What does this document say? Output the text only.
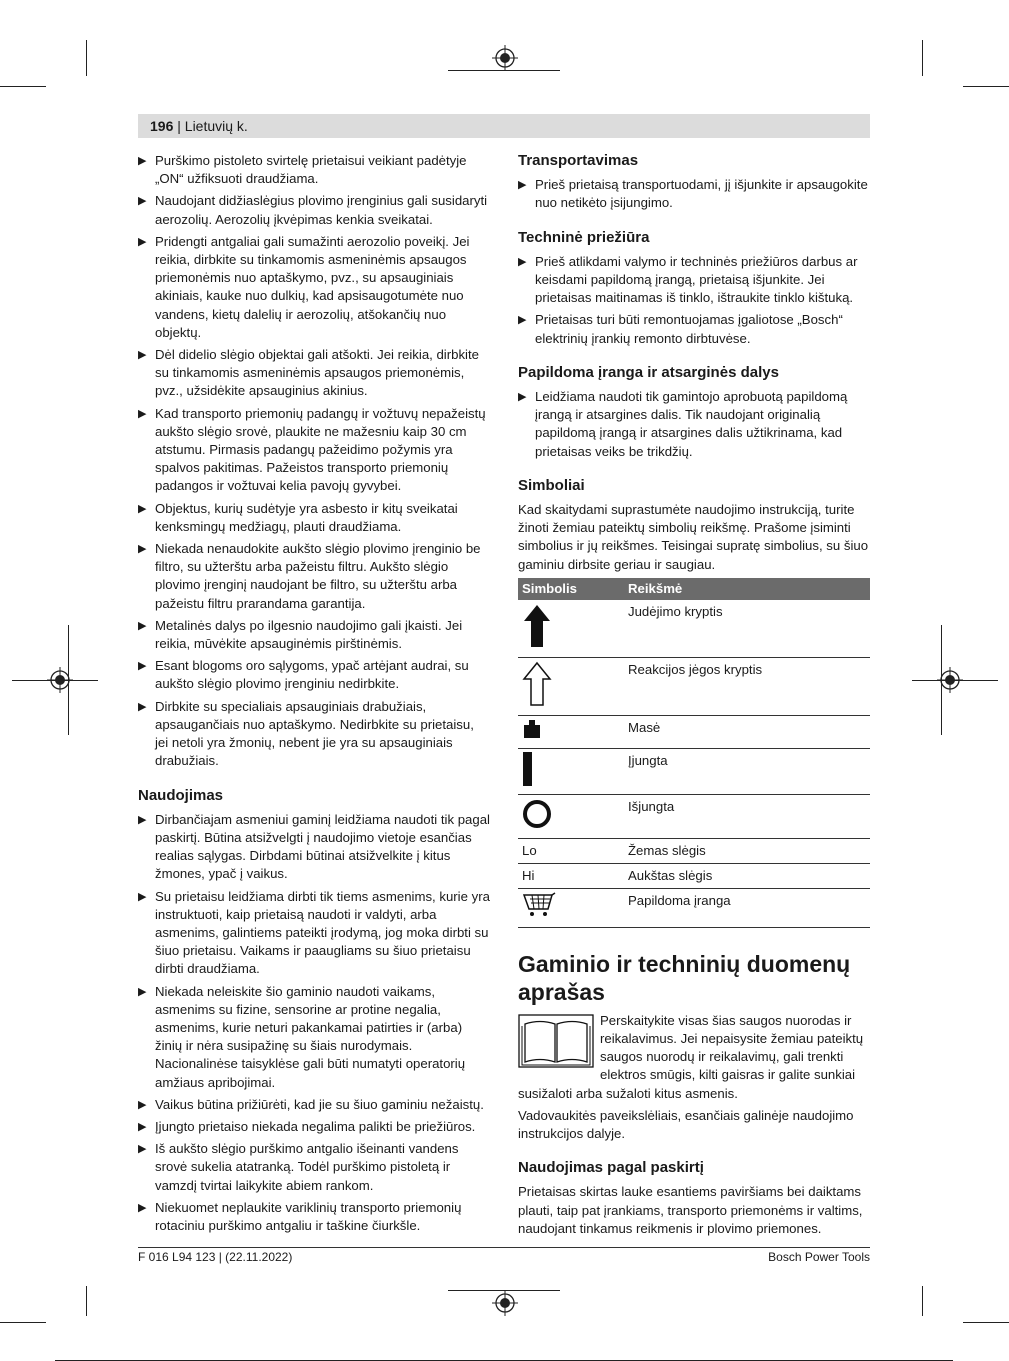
196 | Lietuvių k.
▶ Purškimo pistoleto svirtelę prietaisui veikiant padėtyje „ON“ užfiksuoti draudžiama.
▶ Naudojant didžiaslėgius plovimo įrenginius gali susidaryti aerozolių. Aerozolių įkvėpimas kenkia sveikatai.
▶ Pridengti antgaliai gali sumažinti aerozolio poveikį. Jei reikia, dirbkite su tinkamomis asmeninėmis apsaugos priemonėmis nuo aptaškymo, pvz., su apsauginiais akiniais, kauke nuo dulkių, kad apsisaugotumėte nuo vandens, kietų dalelių ir aerozolių, atšokančių nuo objektų.
▶ Dėl didelio slėgio objektai gali atšokti. Jei reikia, dirbkite su tinkamomis asmeninėmis apsaugos priemonėmis, pvz., užsidėkite apsauginius akinius.
▶ Kad transporto priemonių padangų ir vožtuvų nepažeistų aukšto slėgio srovė, plaukite ne mažesniu kaip 30 cm atstumu. Pirmasis padangų pažeidimo požymis yra spalvos pakitimas. Pažeistos transporto priemonių padangos ir vožtuvai kelia pavojų gyvybei.
▶ Objektus, kurių sudėtyje yra asbesto ir kitų sveikatai kenksmingų medžiagų, plauti draudžiama.
▶ Niekada nenaudokite aukšto slėgio plovimo įrenginio be filtro, su užterštu arba pažeistu filtru. Aukšto slėgio plovimo įrenginį naudojant be filtro, su užterštu arba pažeistu filtru prarandama garantija.
▶ Metalinės dalys po ilgesnio naudojimo gali įkaisti. Jei reikia, mūvėkite apsauginėmis pirštinėmis.
▶ Esant blogoms oro sąlygoms, ypač artėjant audrai, su aukšto slėgio plovimo įrenginiu nedirbkite.
▶ Dirbkite su specialiais apsauginiais drabužiais, apsaugančiais nuo aptaškymo. Nedirbkite su prietaisu, jei netoli yra žmonių, nebent jie yra su apsauginiais drabužiais.
Naudojimas
▶ Dirbančiajam asmeniui gaminį leidžiama naudoti tik pagal paskirtį. Būtina atsižvelgti į naudojimo vietoje esančias realias sąlygas. Dirbdami būtinai atsižvelkite į kitus žmones, ypač į vaikus.
▶ Su prietaisu leidžiama dirbti tik tiems asmenims, kurie yra instruktuoti, kaip prietaisą naudoti ir valdyti, arba asmenims, galintiems pateikti įrodymą, jog moka dirbti su šiuo prietaisu. Vaikams ir paaugliams su šiuo prietaisu dirbti draudžiama.
▶ Niekada neleiskite šio gaminio naudoti vaikams, asmenims su fizine, sensorine ar protine negalia, asmenims, kurie neturi pakankamai patirties ir (arba) žinių ir nėra susipažinę su šiais nurodymais. Nacionalinėse taisyklėse gali būti numatyti operatorių amžiaus apribojimai.
▶ Vaikus būtina prižiūrėti, kad jie su šiuo gaminiu nežaistų.
▶ Įjungto prietaiso niekada negalima palikti be priežiūros.
▶ Iš aukšto slėgio purškimo antgalio išeinanti vandens srovė sukelia atatranką. Todėl purškimo pistoletą ir vamzdį tvirtai laikykite abiem rankom.
▶ Niekuomet neplaukite variklinių transporto priemonių rotaciniu purškimo antgaliu ir taškine čiurkšle.
Transportavimas
▶ Prieš prietaisą transportuodami, jį išjunkite ir apsaugokite nuo netikėto įsijungimo.
Techninė priežiūra
▶ Prieš atlikdami valymo ir techninės priežiūros darbus ar keisdami papildomą įrangą, prietaisą išjunkite. Jei prietaisas maitinamas iš tinklo, ištraukite tinklo kištuką.
▶ Prietaisas turi būti remontuojamas įgaliotose „Bosch“ elektrinių įrankių remonto dirbtuvėse.
Papildoma įranga ir atsarginės dalys
▶ Leidžiama naudoti tik gamintojo aprobuotą papildomą įrangą ir atsargines dalis. Tik naudojant originalią papildomą įrangą ir atsargines dalis užtikrinama, kad prietaisas veiks be trikdžių.
Simboliai

Kad skaitydami suprastumėte naudojimo instrukciją, turite žinoti žemiau pateiktų simbolių reikšmę. Prašome įsiminti simbolius ir jų reikšmes. Teisingai supratę simbolius, su šiuo gaminiu dirbsite geriau ir saugiau.

Simbolis	Reikšmė
	Judėjimo kryptis
	Reakcijos jėgos kryptis
	Masė
	Įjungta
	Išjungta
Lo	Žemas slėgis
Hi	Aukštas slėgis
	Papildoma įranga
Gaminio ir techninių duomenų aprašas

Perskaitykite visas šias saugos nuorodas ir reikalavimus. Jei nepaisysite žemiau pateiktų saugos nuorodų ir reikalavimų, gali trenkti elektros smūgis, kilti gaisras ir galite sunkiai susižaloti arba sužaloti kitus asmenis.

Vadovaukitės paveikslėliais, esančiais galinėje naudojimo instrukcijos dalyje.

Naudojimas pagal paskirtį

Prietaisas skirtas lauke esantiems paviršiams bei daiktams plauti, taip pat įrankiams, transporto priemonėms ir valtims, naudojant tinkamus reikmenis ir plovimo priemones.

F 016 L94 123 | (22.11.2022)	Bosch Power Tools
